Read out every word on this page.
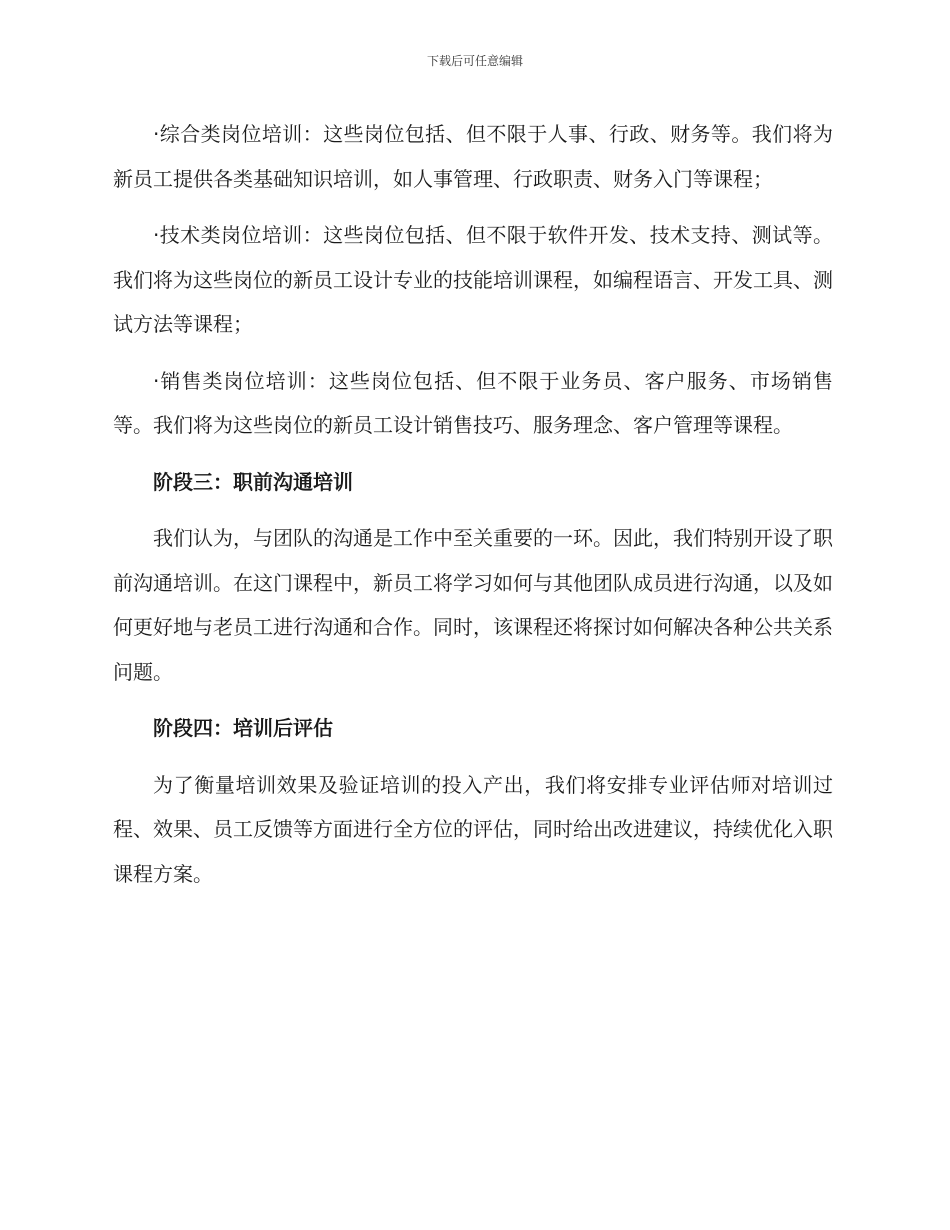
下载后可任意编辑

·综合类岗位培训：这些岗位包括、但不限于人事、行政、财务等。我们将为新员工提供各类基础知识培训，如人事管理、行政职责、财务入门等课程；

·技术类岗位培训：这些岗位包括、但不限于软件开发、技术支持、测试等。我们将为这些岗位的新员工设计专业的技能培训课程，如编程语言、开发工具、测试方法等课程；

·销售类岗位培训：这些岗位包括、但不限于业务员、客户服务、市场销售等。我们将为这些岗位的新员工设计销售技巧、服务理念、客户管理等课程。

阶段三：职前沟通培训

我们认为，与团队的沟通是工作中至关重要的一环。因此，我们特别开设了职前沟通培训。在这门课程中，新员工将学习如何与其他团队成员进行沟通，以及如何更好地与老员工进行沟通和合作。同时，该课程还将探讨如何解决各种公共关系问题。

阶段四：培训后评估

为了衡量培训效果及验证培训的投入产出，我们将安排专业评估师对培训过程、效果、员工反馈等方面进行全方位的评估，同时给出改进建议，持续优化入职课程方案。
